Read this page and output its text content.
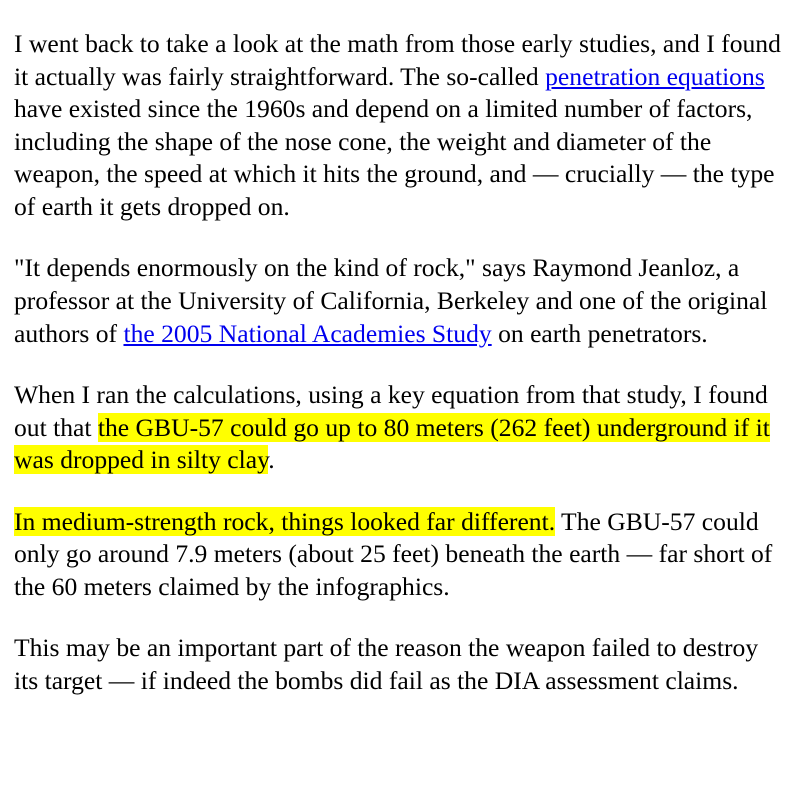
I went back to take a look at the math from those early studies, and I found it actually was fairly straightforward. The so-called penetration equations have existed since the 1960s and depend on a limited number of factors, including the shape of the nose cone, the weight and diameter of the weapon, the speed at which it hits the ground, and — crucially — the type of earth it gets dropped on.

"It depends enormously on the kind of rock," says Raymond Jeanloz, a professor at the University of California, Berkeley and one of the original authors of the 2005 National Academies Study on earth penetrators.

When I ran the calculations, using a key equation from that study, I found out that the GBU-57 could go up to 80 meters (262 feet) underground if it was dropped in silty clay.

In medium-strength rock, things looked far different. The GBU-57 could only go around 7.9 meters (about 25 feet) beneath the earth — far short of the 60 meters claimed by the infographics.

This may be an important part of the reason the weapon failed to destroy its target — if indeed the bombs did fail as the DIA assessment claims.
